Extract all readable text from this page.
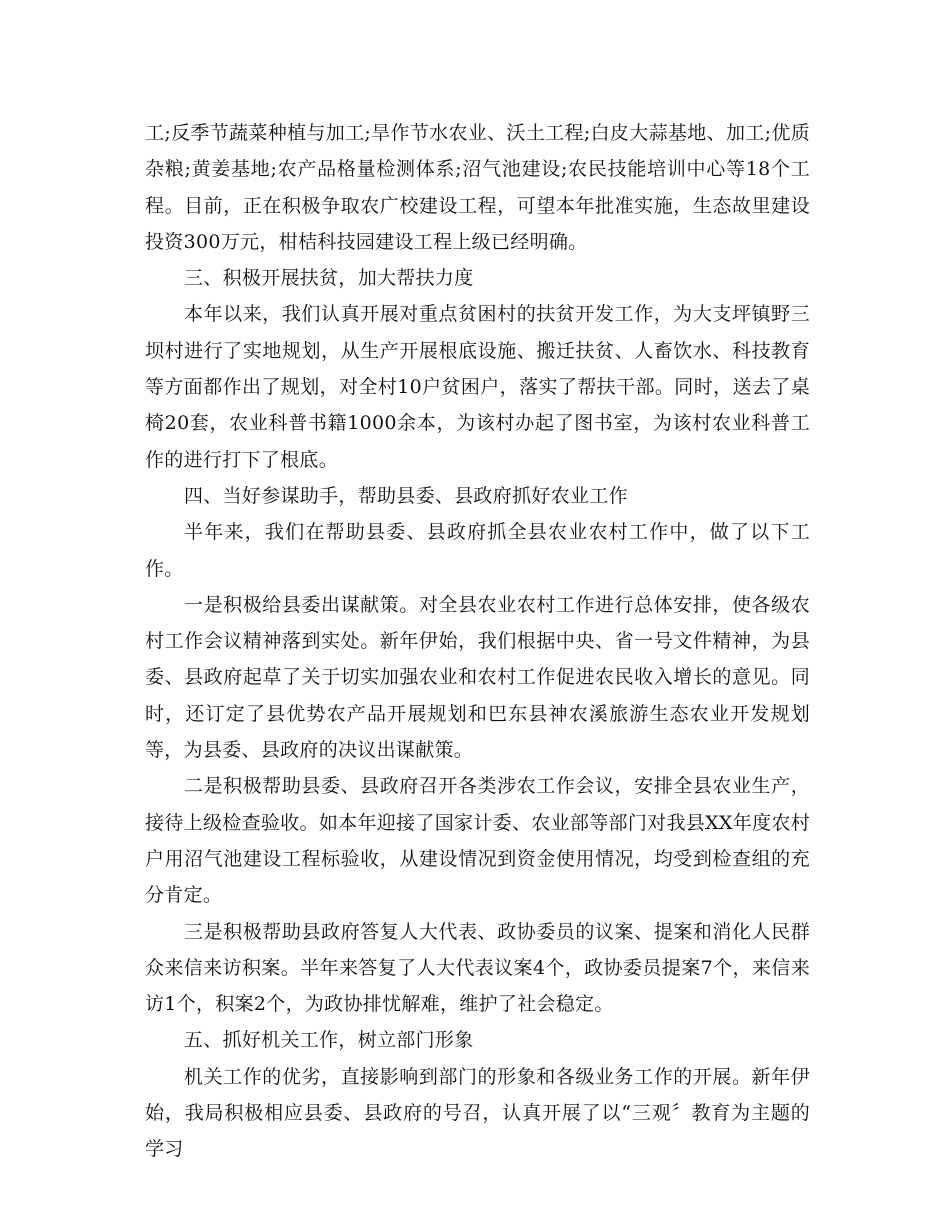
工;反季节蔬菜种植与加工;旱作节水农业、沃土工程;白皮大蒜基地、加工;优质杂粮;黄姜基地;农产品格量检测体系;沼气池建设;农民技能培训中心等18个工程。目前，正在积极争取农广校建设工程，可望本年批准实施，生态故里建设投资300万元，柑桔科技园建设工程上级已经明确。

三、积极开展扶贫，加大帮扶力度

本年以来，我们认真开展对重点贫困村的扶贫开发工作，为大支坪镇野三坝村进行了实地规划，从生产开展根底设施、搬迁扶贫、人畜饮水、科技教育等方面都作出了规划，对全村10户贫困户，落实了帮扶干部。同时，送去了桌椅20套，农业科普书籍1000余本，为该村办起了图书室，为该村农业科普工作的进行打下了根底。

四、当好参谋助手，帮助县委、县政府抓好农业工作

半年来，我们在帮助县委、县政府抓全县农业农村工作中，做了以下工作。

一是积极给县委出谋献策。对全县农业农村工作进行总体安排，使各级农村工作会议精神落到实处。新年伊始，我们根据中央、省一号文件精神，为县委、县政府起草了关于切实加强农业和农村工作促进农民收入增长的意见。同时，还订定了县优势农产品开展规划和巴东县神农溪旅游生态农业开发规划等，为县委、县政府的决议出谋献策。

二是积极帮助县委、县政府召开各类涉农工作会议，安排全县农业生产，接待上级检查验收。如本年迎接了国家计委、农业部等部门对我县XX年度农村户用沼气池建设工程标验收，从建设情况到资金使用情况，均受到检查组的充分肯定。

三是积极帮助县政府答复人大代表、政协委员的议案、提案和消化人民群众来信来访积案。半年来答复了人大代表议案4个，政协委员提案7个，来信来访1个，积案2个，为政协排忧解难，维护了社会稳定。

五、抓好机关工作，树立部门形象

机关工作的优劣，直接影响到部门的形象和各级业务工作的开展。新年伊始，我局积极相应县委、县政府的号召，认真开展了以“三观〞教育为主题的学习
